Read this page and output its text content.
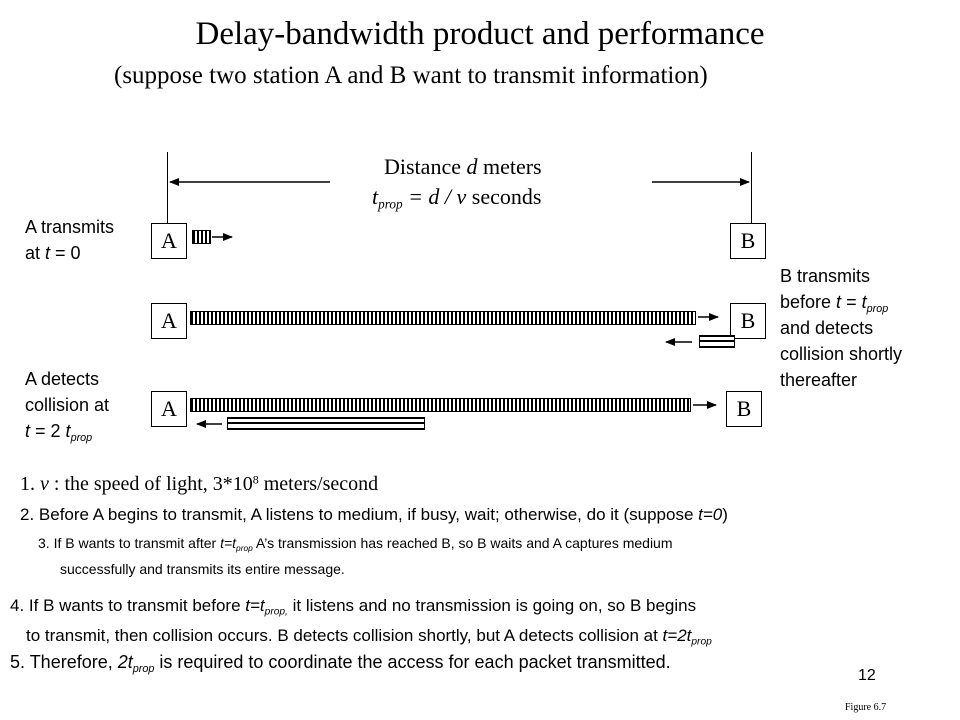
Delay-bandwidth product and performance
(suppose two station A and B want to transmit information)
Distance d meters
$t_{prop} = d / \nu$ seconds
A	B
A	B
A	B
A transmits
at t = 0
A detects
collision at
t = 2 $t_{prop}$
B transmits
before $t = t_{prop}$
and detects
collision shortly
thereafter
1. ν : the speed of light, $3*10^8$ meters/second
2. Before A begins to transmit, A listens to medium, if busy, wait; otherwise, do it (suppose t=0)
3. If B wants to transmit after $t=t_{prop}$ A’s transmission has reached B, so B waits and A captures medium
successfully and transmits its entire message.
4. If B wants to transmit before $t=t_{prop,}$ it listens and no transmission is going on, so B begins
to transmit, then collision occurs. B detects collision shortly, but A detects collision at $t=2t_{prop}$
5. Therefore, $2t_{prop}$ is required to coordinate the access for each packet transmitted.
12
Figure 6.7
